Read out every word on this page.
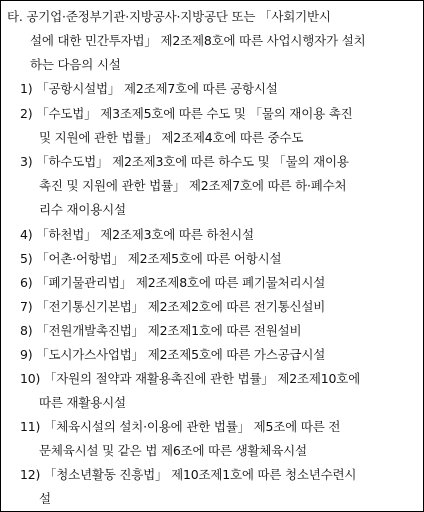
타. 공기업·준정부기관·지방공사·지방공단 또는 「사회기반시
설에 대한 민간투자법」 제2조제8호에 따른 사업시행자가 설치
하는 다음의 시설
1) 「공항시설법」 제2조제7호에 따른 공항시설
2) 「수도법」 제3조제5호에 따른 수도 및 「물의 재이용 촉진
및 지원에 관한 법률」 제2조제4호에 따른 중수도
3) 「하수도법」 제2조제3호에 따른 하수도 및 「물의 재이용
촉진 및 지원에 관한 법률」 제2조제7호에 따른 하·폐수처
리수 재이용시설
4) 「하천법」 제2조제3호에 따른 하천시설
5) 「어촌·어항법」 제2조제5호에 따른 어항시설
6) 「폐기물관리법」 제2조제8호에 따른 폐기물처리시설
7) 「전기통신기본법」 제2조제2호에 따른 전기통신설비
8) 「전원개발촉진법」 제2조제1호에 따른 전원설비
9) 「도시가스사업법」 제2조제5호에 따른 가스공급시설
10) 「자원의 절약과 재활용촉진에 관한 법률」 제2조제10호에
따른 재활용시설
11) 「체육시설의 설치·이용에 관한 법률」 제5조에 따른 전
문체육시설 및 같은 법 제6조에 따른 생활체육시설
12) 「청소년활동 진흥법」 제10조제1호에 따른 청소년수련시
설
